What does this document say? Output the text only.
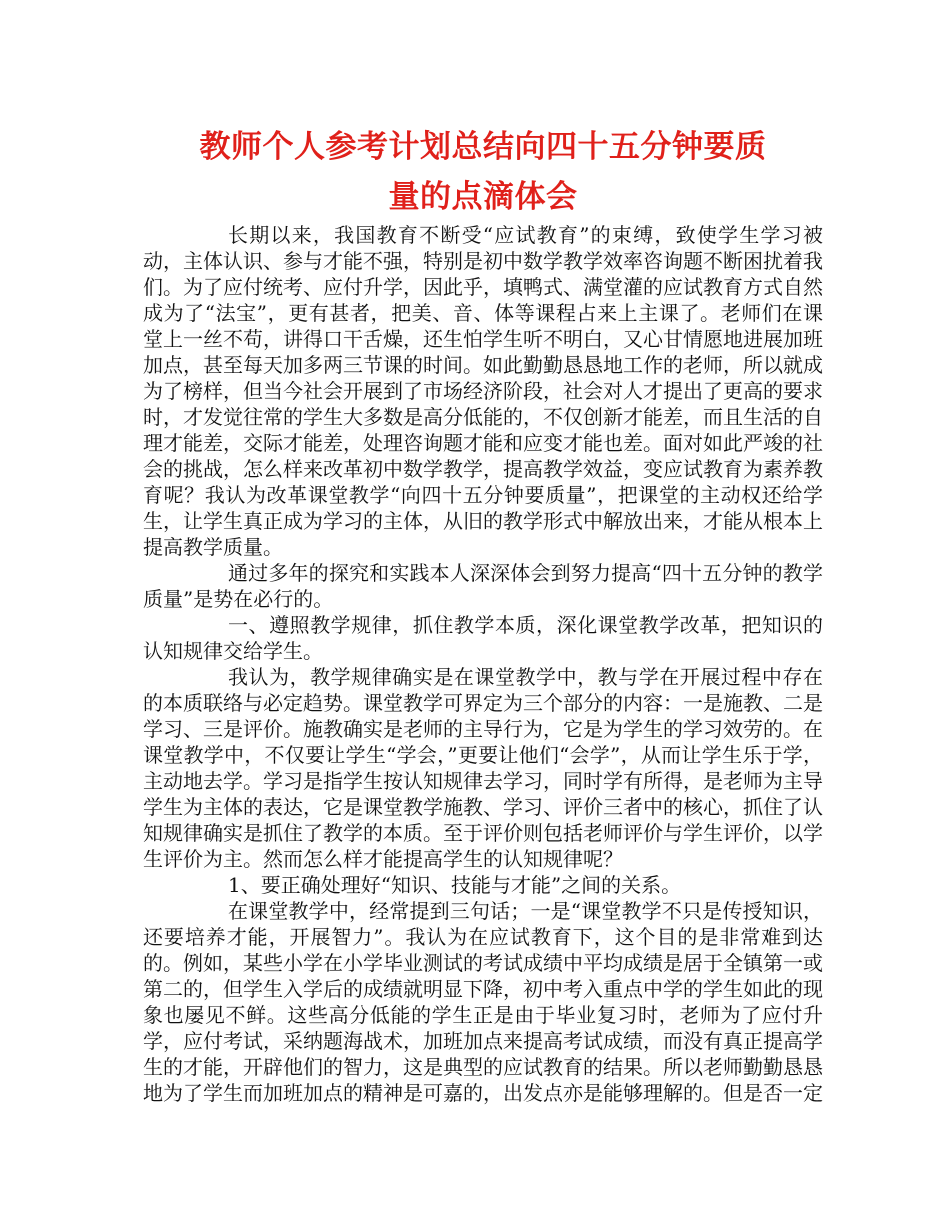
教师个人参考计划总结向四十五分钟要质
量的点滴体会

长期以来，我国教育不断受“应试教育”的束缚，致使学生学习被动，主体认识、参与才能不强，特别是初中数学教学效率咨询题不断困扰着我们。为了应付统考、应付升学，因此乎，填鸭式、满堂灌的应试教育方式自然成为了“法宝”，更有甚者，把美、音、体等课程占来上主课了。老师们在课堂上一丝不苟，讲得口干舌燥，还生怕学生听不明白，又心甘情愿地进展加班加点，甚至每天加多两三节课的时间。如此勤勤恳恳地工作的老师，所以就成为了榜样，但当今社会开展到了市场经济阶段，社会对人才提出了更高的要求时，才发觉往常的学生大多数是高分低能的，不仅创新才能差，而且生活的自理才能差，交际才能差，处理咨询题才能和应变才能也差。面对如此严竣的社会的挑战，怎么样来改革初中数学教学，提高教学效益，变应试教育为素养教育呢？我认为改革课堂教学“向四十五分钟要质量”，把课堂的主动权还给学生，让学生真正成为学习的主体，从旧的教学形式中解放出来，才能从根本上提高教学质量。

通过多年的探究和实践本人深深体会到努力提高“四十五分钟的教学质量”是势在必行的。

一、遵照教学规律，抓住教学本质，深化课堂教学改革，把知识的认知规律交给学生。

我认为，教学规律确实是在课堂教学中，教与学在开展过程中存在的本质联络与必定趋势。课堂教学可界定为三个部分的内容：一是施教、二是学习、三是评价。施教确实是老师的主导行为，它是为学生的学习效劳的。在课堂教学中，不仅要让学生“学会，”更要让他们“会学”，从而让学生乐于学，主动地去学。学习是指学生按认知规律去学习，同时学有所得，是老师为主导学生为主体的表达，它是课堂教学施教、学习、评价三者中的核心，抓住了认知规律确实是抓住了教学的本质。至于评价则包括老师评价与学生评价，以学生评价为主。然而怎么样才能提高学生的认知规律呢？

1、要正确处理好“知识、技能与才能”之间的关系。

在课堂教学中，经常提到三句话；一是“课堂教学不只是传授知识，还要培养才能，开展智力”。我认为在应试教育下，这个目的是非常难到达的。例如，某些小学在小学毕业测试的考试成绩中平均成绩是居于全镇第一或第二的，但学生入学后的成绩就明显下降，初中考入重点中学的学生如此的现象也屡见不鲜。这些高分低能的学生正是由于毕业复习时，老师为了应付升学，应付考试，采纳题海战术，加班加点来提高考试成绩，而没有真正提高学生的才能，开辟他们的智力，这是典型的应试教育的结果。所以老师勤勤恳恳地为了学生而加班加点的精神是可嘉的，出发点亦是能够理解的。但是否一定
